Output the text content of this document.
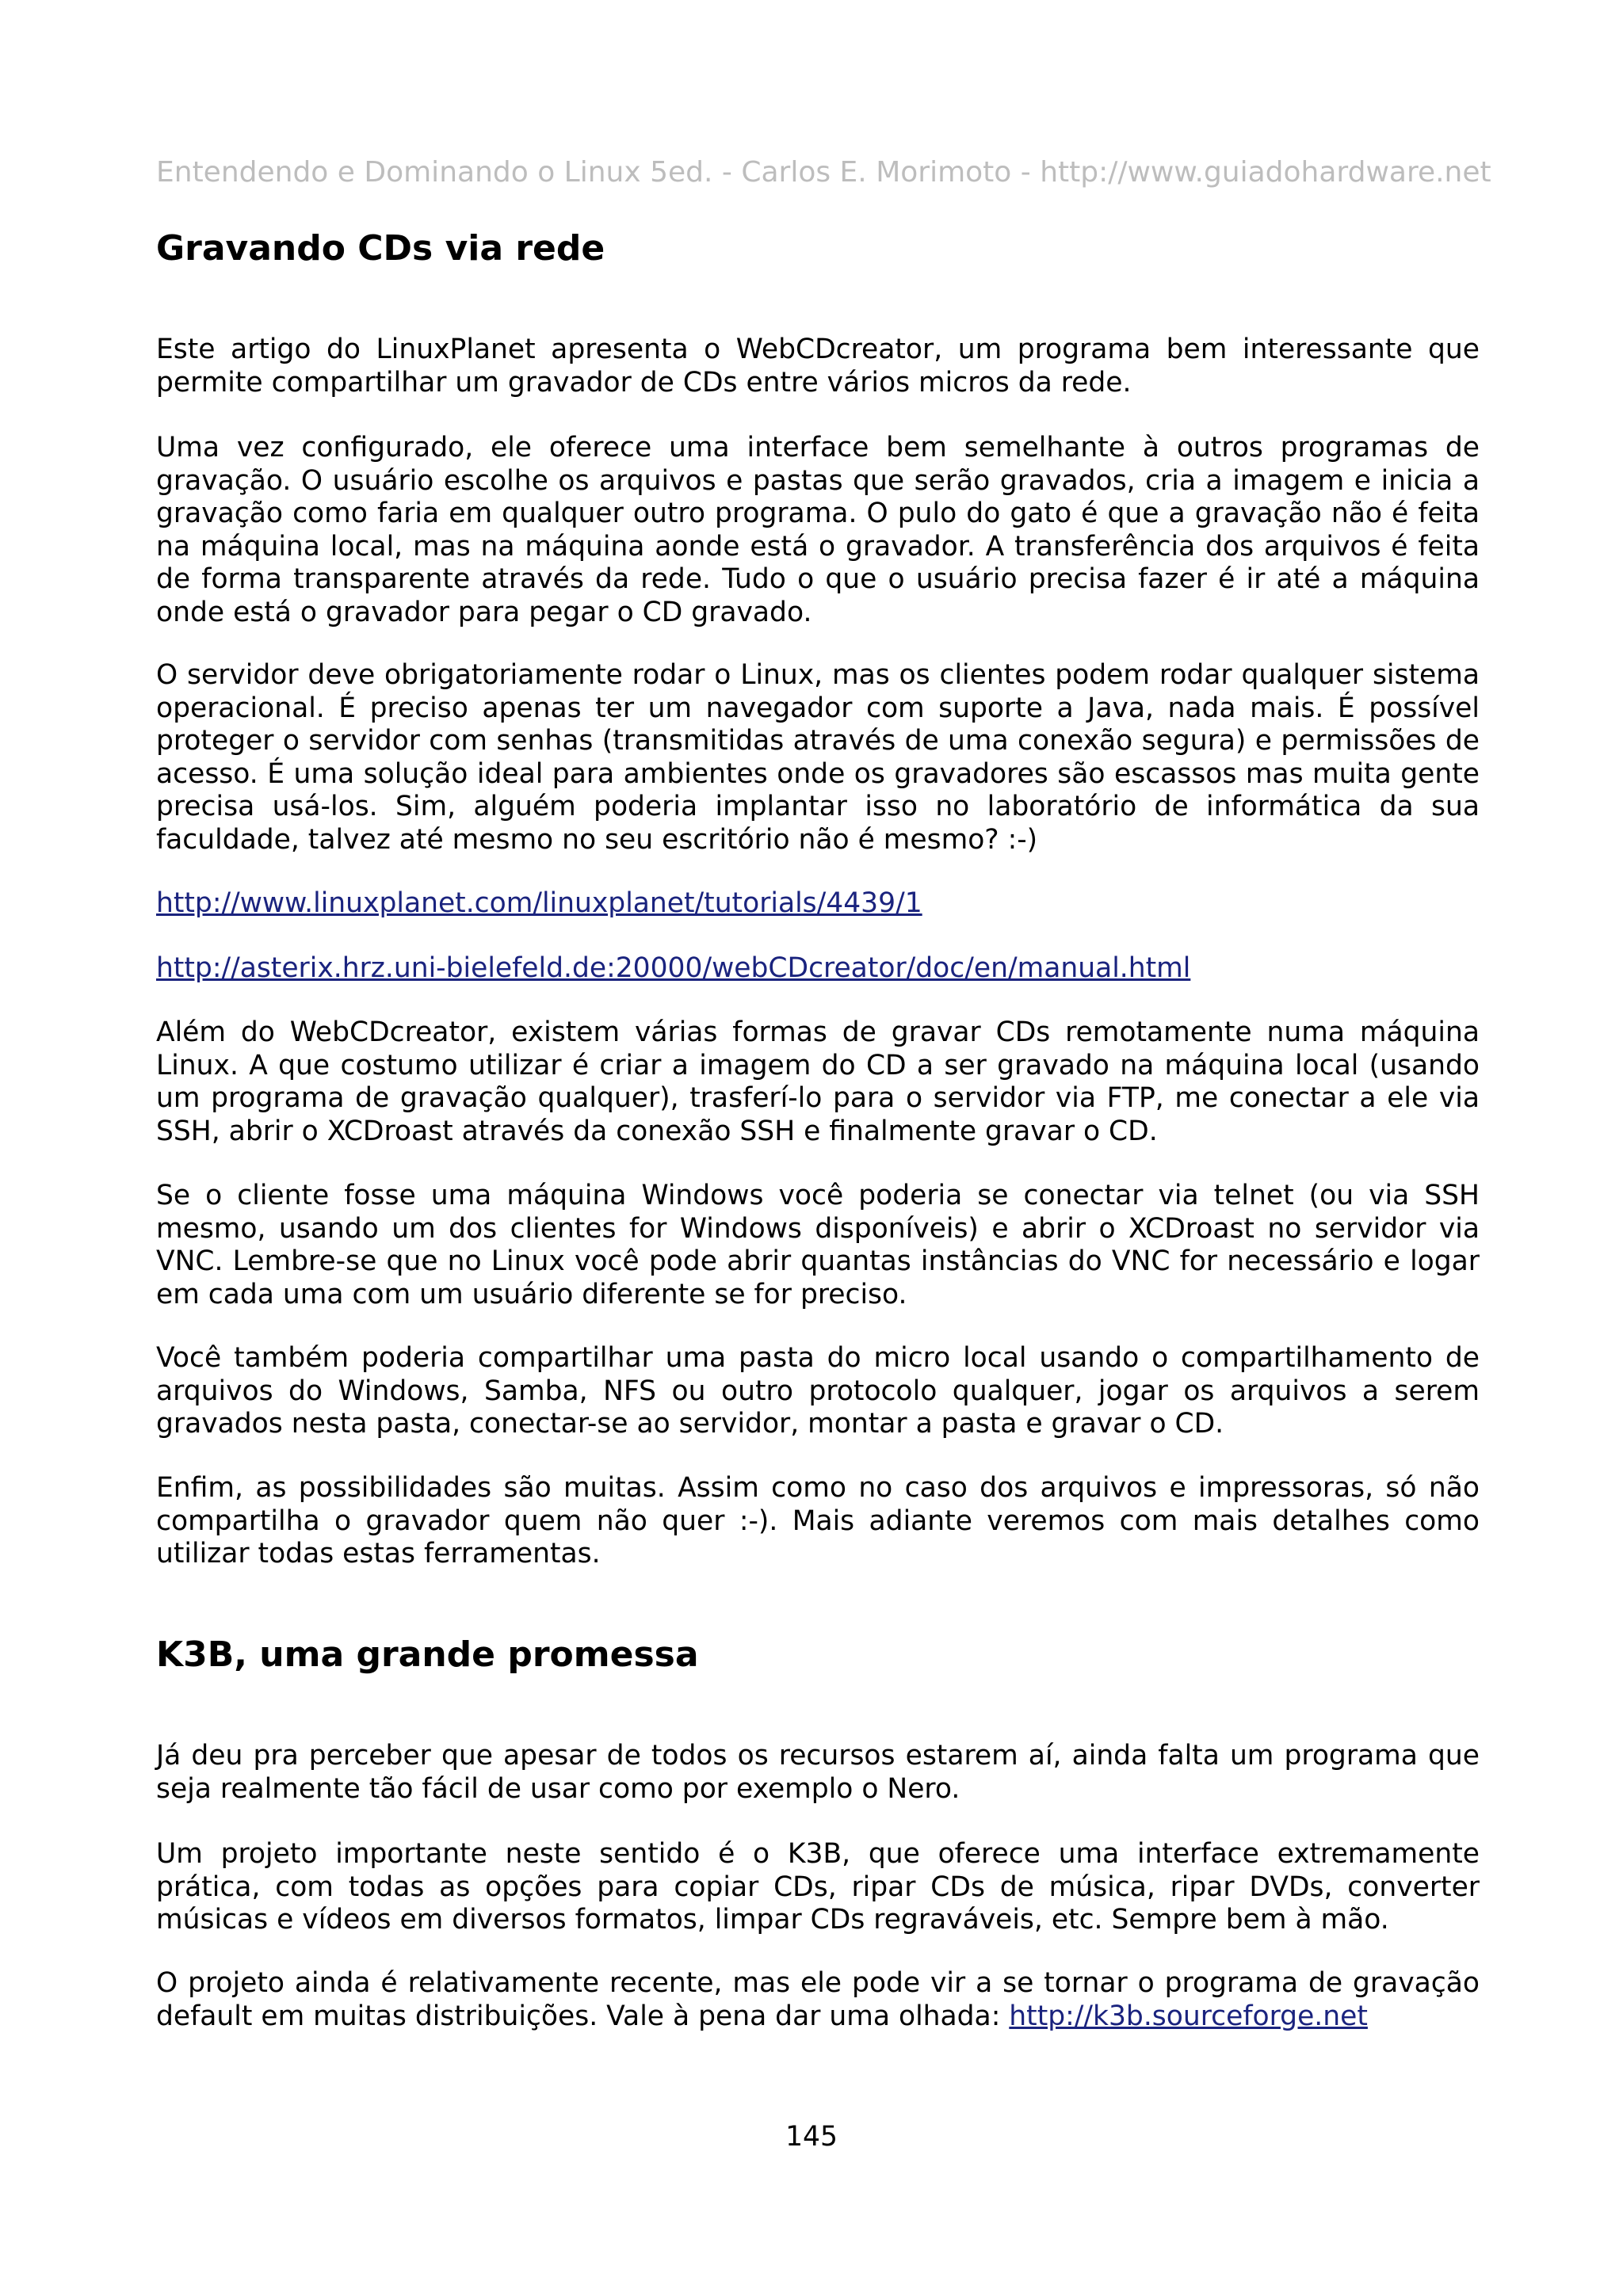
Entendendo e Dominando o Linux 5ed. - Carlos E. Morimoto - http://www.guiadohardware.net
Gravando CDs via rede

Este artigo do LinuxPlanet apresenta o WebCDcreator, um programa bem interessante que permite compartilhar um gravador de CDs entre vários micros da rede.

Uma vez configurado, ele oferece uma interface bem semelhante à outros programas de gravação. O usuário escolhe os arquivos e pastas que serão gravados, cria a imagem e inicia a gravação como faria em qualquer outro programa. O pulo do gato é que a gravação não é feita na máquina local, mas na máquina aonde está o gravador. A transferência dos arquivos é feita de forma transparente através da rede. Tudo o que o usuário precisa fazer é ir até a máquina onde está o gravador para pegar o CD gravado.

O servidor deve obrigatoriamente rodar o Linux, mas os clientes podem rodar qualquer sistema operacional. É preciso apenas ter um navegador com suporte a Java, nada mais. É possível proteger o servidor com senhas (transmitidas através de uma conexão segura) e permissões de acesso. É uma solução ideal para ambientes onde os gravadores são escassos mas muita gente precisa usá-los. Sim, alguém poderia implantar isso no laboratório de informática da sua faculdade, talvez até mesmo no seu escritório não é mesmo? :-)

http://www.linuxplanet.com/linuxplanet/tutorials/4439/1

http://asterix.hrz.uni-bielefeld.de:20000/webCDcreator/doc/en/manual.html

Além do WebCDcreator, existem várias formas de gravar CDs remotamente numa máquina Linux. A que costumo utilizar é criar a imagem do CD a ser gravado na máquina local (usando um programa de gravação qualquer), trasferí-lo para o servidor via FTP, me conectar a ele via SSH, abrir o XCDroast através da conexão SSH e finalmente gravar o CD.

Se o cliente fosse uma máquina Windows você poderia se conectar via telnet (ou via SSH mesmo, usando um dos clientes for Windows disponíveis) e abrir o XCDroast no servidor via VNC. Lembre-se que no Linux você pode abrir quantas instâncias do VNC for necessário e logar em cada uma com um usuário diferente se for preciso.

Você também poderia compartilhar uma pasta do micro local usando o compartilhamento de arquivos do Windows, Samba, NFS ou outro protocolo qualquer, jogar os arquivos a serem gravados nesta pasta, conectar-se ao servidor, montar a pasta e gravar o CD.

Enfim, as possibilidades são muitas. Assim como no caso dos arquivos e impressoras, só não compartilha o gravador quem não quer :-). Mais adiante veremos com mais detalhes como utilizar todas estas ferramentas.

K3B, uma grande promessa

Já deu pra perceber que apesar de todos os recursos estarem aí, ainda falta um programa que seja realmente tão fácil de usar como por exemplo o Nero.

Um projeto importante neste sentido é o K3B, que oferece uma interface extremamente prática, com todas as opções para copiar CDs, ripar CDs de música, ripar DVDs, converter músicas e vídeos em diversos formatos, limpar CDs regraváveis, etc. Sempre bem à mão.

O projeto ainda é relativamente recente, mas ele pode vir a se tornar o programa de gravação default em muitas distribuições. Vale à pena dar uma olhada: http://k3b.sourceforge.net

145
